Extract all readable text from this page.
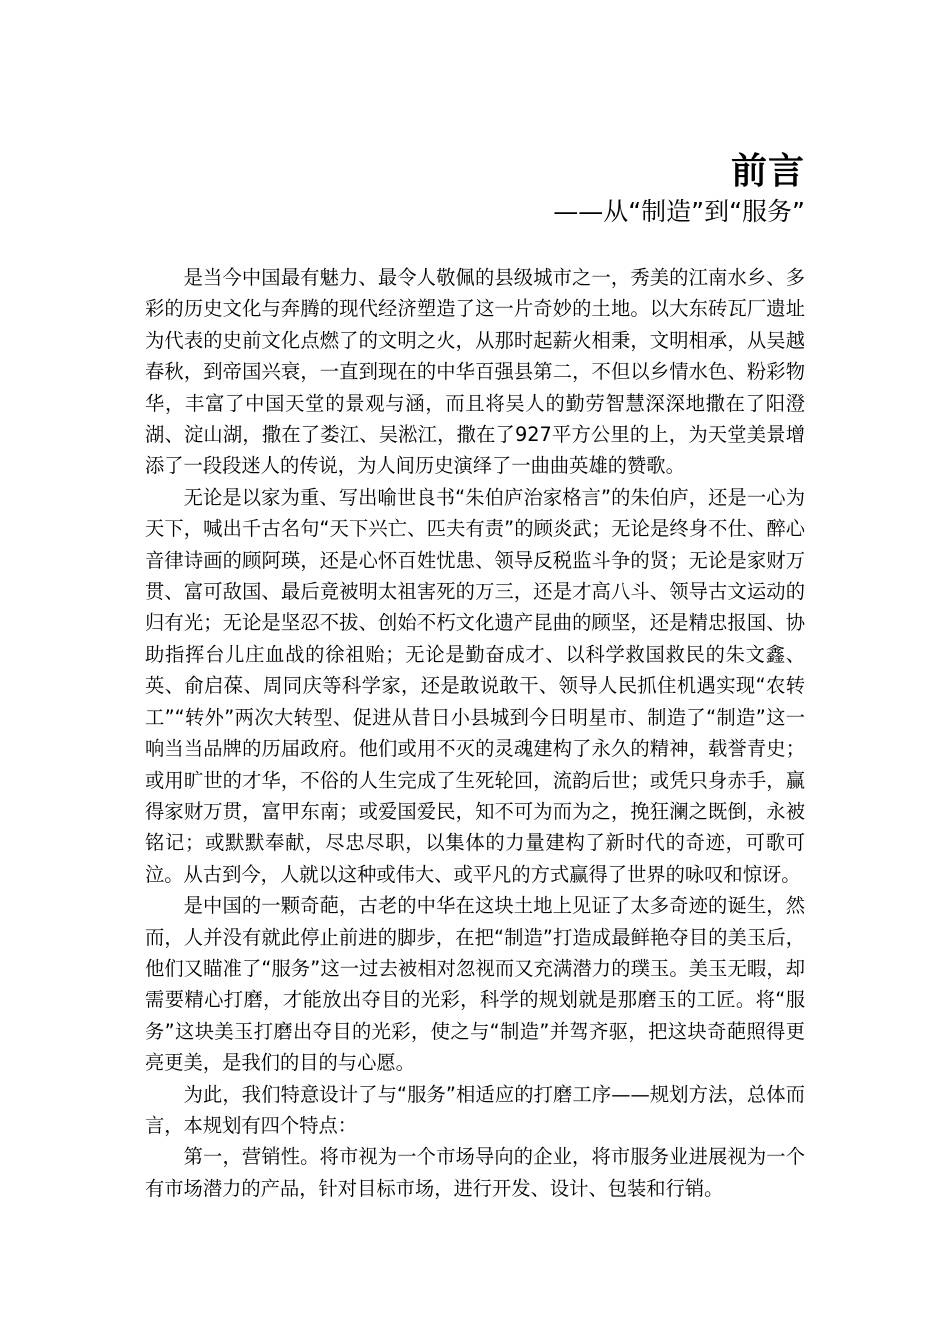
前言
——从“制造”到“服务”

是当今中国最有魅力、最令人敬佩的县级城市之一，秀美的江南水乡、多彩的历史文化与奔腾的现代经济塑造了这一片奇妙的土地。以大东砖瓦厂遗址为代表的史前文化点燃了的文明之火，从那时起薪火相秉，文明相承，从吴越春秋，到帝国兴衰，一直到现在的中华百强县第二，不但以乡情水色、粉彩物华，丰富了中国天堂的景观与涵，而且将吴人的勤劳智慧深深地撒在了阳澄湖、淀山湖，撒在了娄江、吴淞江，撒在了927平方公里的上，为天堂美景增添了一段段迷人的传说，为人间历史演绎了一曲曲英雄的赞歌。

无论是以家为重、写出喻世良书“朱伯庐治家格言”的朱伯庐，还是一心为天下，喊出千古名句“天下兴亡、匹夫有责”的顾炎武；无论是终身不仕、醉心音律诗画的顾阿瑛，还是心怀百姓忧患、领导反税监斗争的贤；无论是家财万贯、富可敌国、最后竟被明太祖害死的万三，还是才高八斗、领导古文运动的归有光；无论是坚忍不拔、创始不朽文化遗产昆曲的顾坚，还是精忠报国、协助指挥台儿庄血战的徐祖贻；无论是勤奋成才、以科学救国救民的朱文鑫、英、俞启葆、周同庆等科学家，还是敢说敢干、领导人民抓住机遇实现“农转工”“转外”两次大转型、促进从昔日小县城到今日明星市、制造了“制造”这一响当当品牌的历届政府。他们或用不灭的灵魂建构了永久的精神，载誉青史；或用旷世的才华，不俗的人生完成了生死轮回，流韵后世；或凭只身赤手，赢得家财万贯，富甲东南；或爱国爱民，知不可为而为之，挽狂澜之既倒，永被铭记；或默默奉献，尽忠尽职，以集体的力量建构了新时代的奇迹，可歌可泣。从古到今，人就以这种或伟大、或平凡的方式赢得了世界的咏叹和惊讶。

是中国的一颗奇葩，古老的中华在这块土地上见证了太多奇迹的诞生，然而，人并没有就此停止前进的脚步，在把“制造”打造成最鲜艳夺目的美玉后，他们又瞄准了“服务”这一过去被相对忽视而又充满潜力的璞玉。美玉无暇，却需要精心打磨，才能放出夺目的光彩，科学的规划就是那磨玉的工匠。将“服务”这块美玉打磨出夺目的光彩，使之与“制造”并驾齐驱，把这块奇葩照得更亮更美，是我们的目的与心愿。

为此，我们特意设计了与“服务”相适应的打磨工序——规划方法，总体而言，本规划有四个特点：

第一，营销性。将市视为一个市场导向的企业，将市服务业进展视为一个有市场潜力的产品，针对目标市场，进行开发、设计、包装和行销。
